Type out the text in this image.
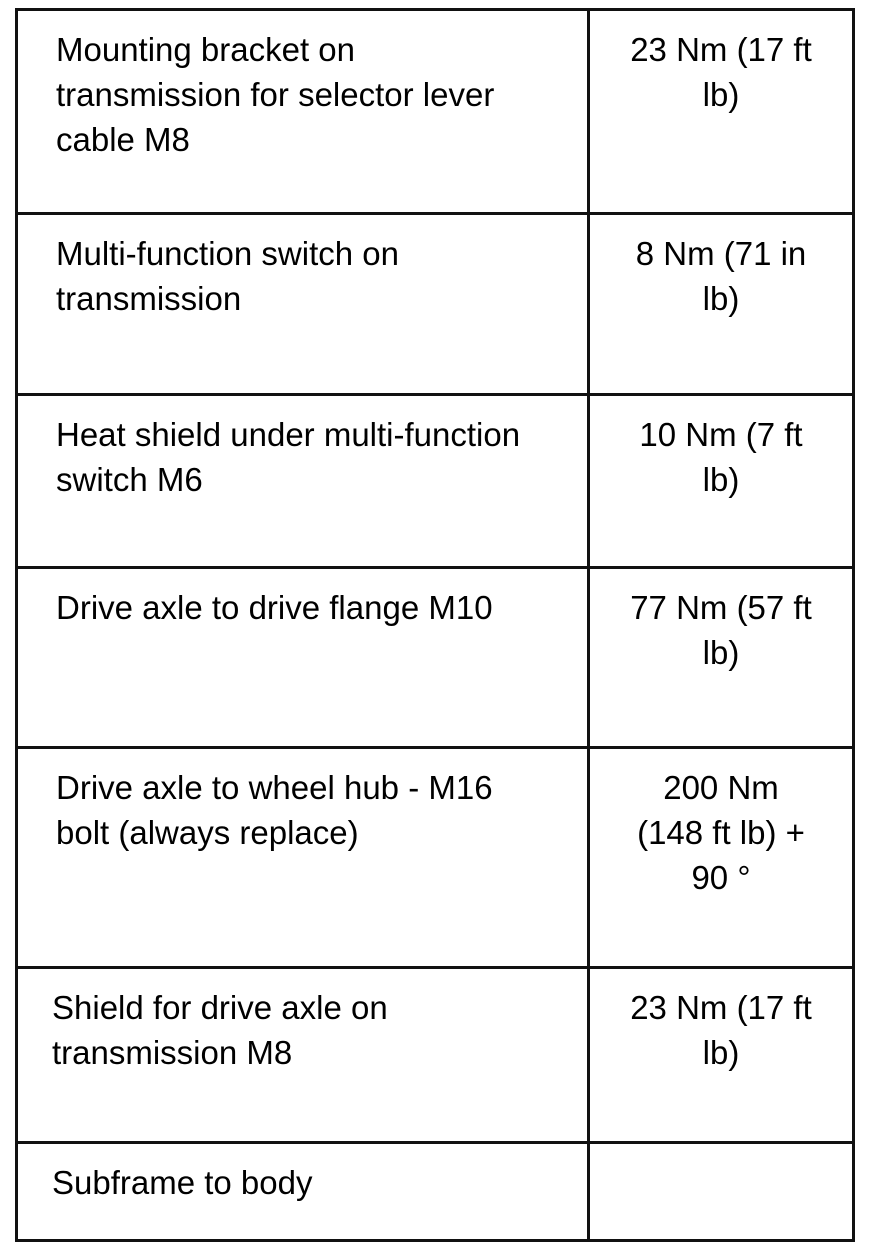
Mounting bracket on
transmission for selector lever
cable M8
23 Nm (17 ft
lb)
Multi-function switch on
transmission
8 Nm (71 in
lb)
Heat shield under multi-function
switch M6
10 Nm (7 ft
lb)
Drive axle to drive flange M10	77 Nm (57 ft
lb)
Drive axle to wheel hub - M16
bolt (always replace)
200 Nm
(148 ft lb) +
90 °
Shield for drive axle on
transmission M8
23 Nm (17 ft
lb)
Subframe to body
